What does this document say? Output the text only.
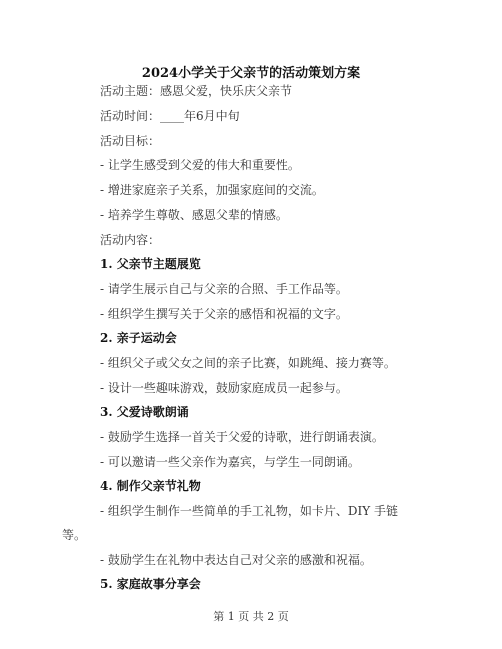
2024小学关于父亲节的活动策划方案
活动主题：感恩父爱，快乐庆父亲节
活动时间：____年6月中旬
活动目标：
- 让学生感受到父爱的伟大和重要性。
- 增进家庭亲子关系，加强家庭间的交流。
- 培养学生尊敬、感恩父辈的情感。
活动内容：
1. 父亲节主题展览
- 请学生展示自己与父亲的合照、手工作品等。
- 组织学生撰写关于父亲的感悟和祝福的文字。
2. 亲子运动会
- 组织父子或父女之间的亲子比赛，如跳绳、接力赛等。
- 设计一些趣味游戏，鼓励家庭成员一起参与。
3. 父爱诗歌朗诵
- 鼓励学生选择一首关于父爱的诗歌，进行朗诵表演。
- 可以邀请一些父亲作为嘉宾，与学生一同朗诵。
4. 制作父亲节礼物
- 组织学生制作一些简单的手工礼物，如卡片、DIY 手链
等。
- 鼓励学生在礼物中表达自己对父亲的感激和祝福。
5. 家庭故事分享会
第 1 页 共 2 页
